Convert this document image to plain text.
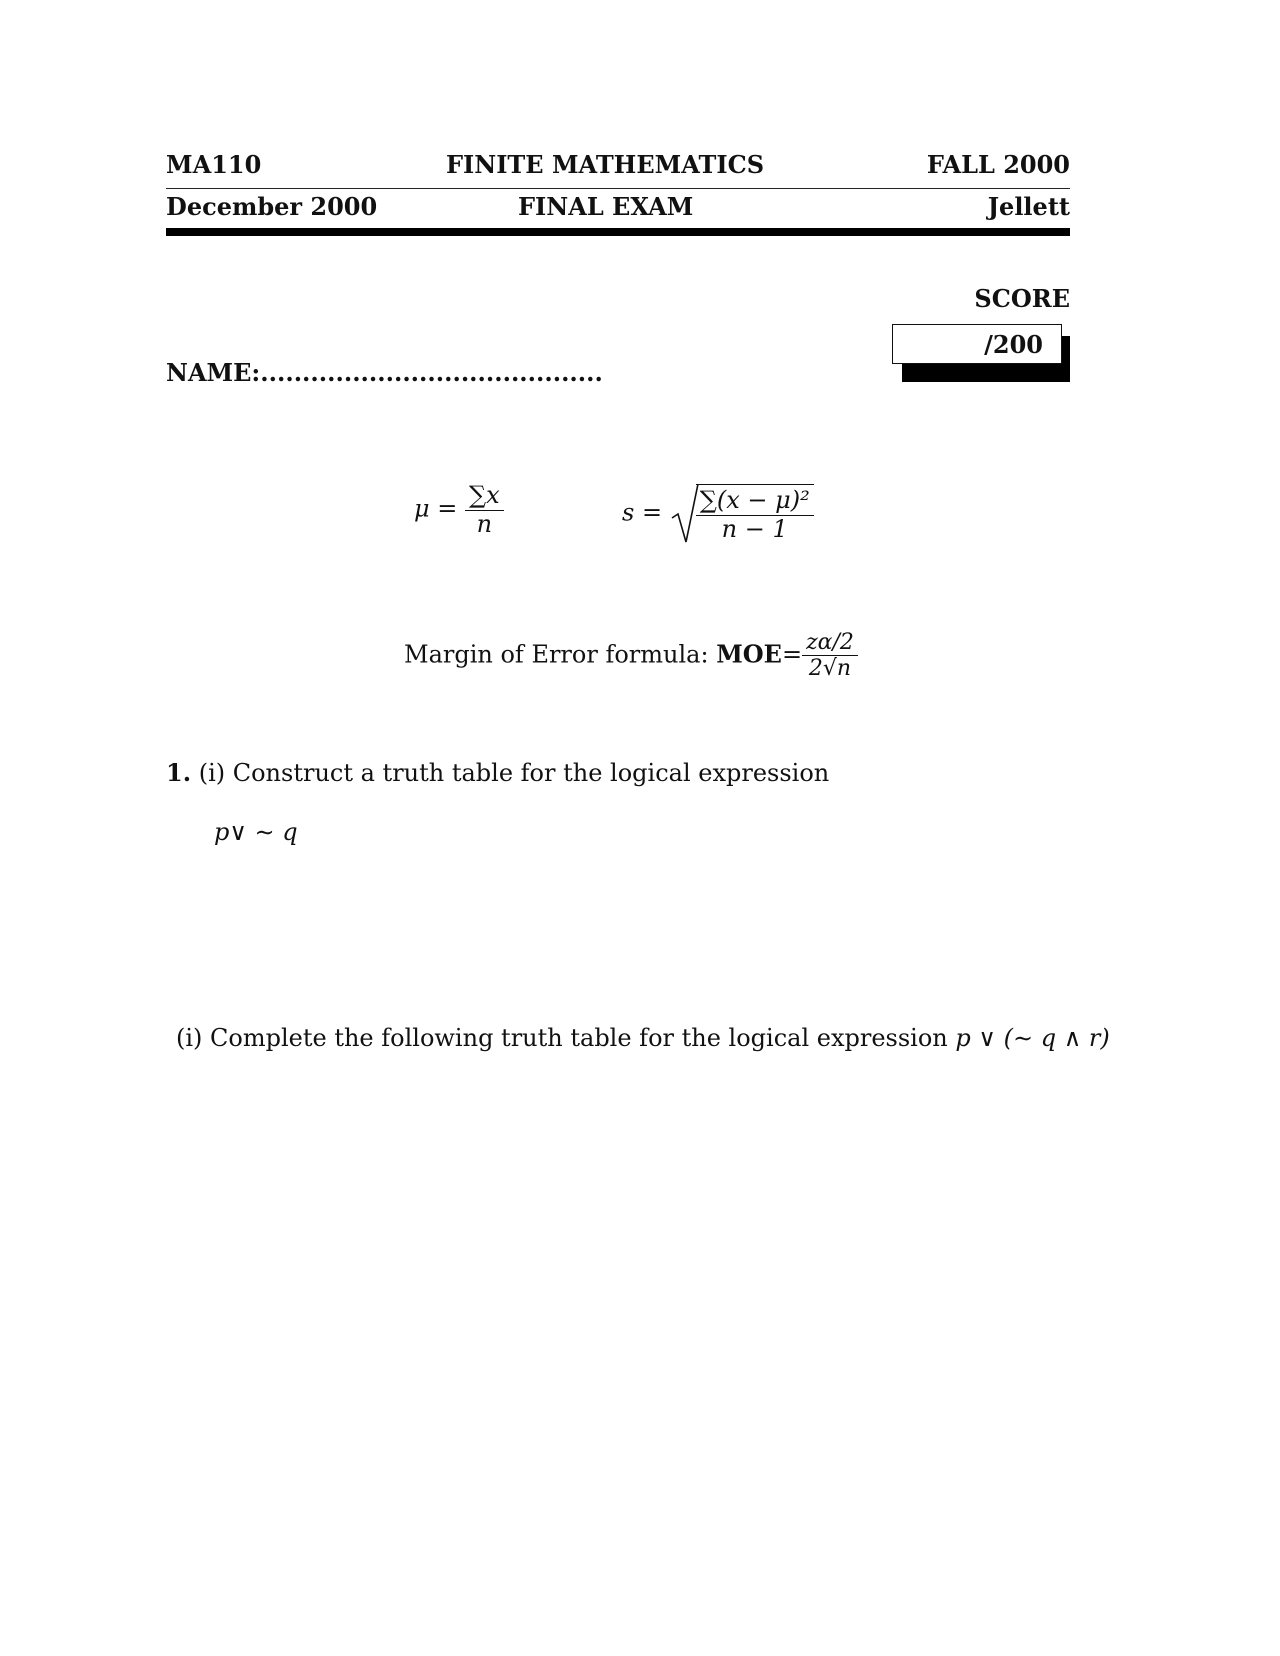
MA110	FINITE MATHEMATICS	FALL 2000
December 2000	FINAL EXAM	Jellett
SCORE
/200
NAME:.........................................
$\mu = \frac{\sum x}{n}$	$s = \frac{\text{∑(x − μ)²}}{n - 1}$
Margin of Error formula: $MOE= \frac{z\alpha/2}{2√n}$
1. (i) Construct a truth table for the logical expression
p∨ ∼ q
(i) Complete the following truth table for the logical expression p ∨ (∼ q ∧ r)
